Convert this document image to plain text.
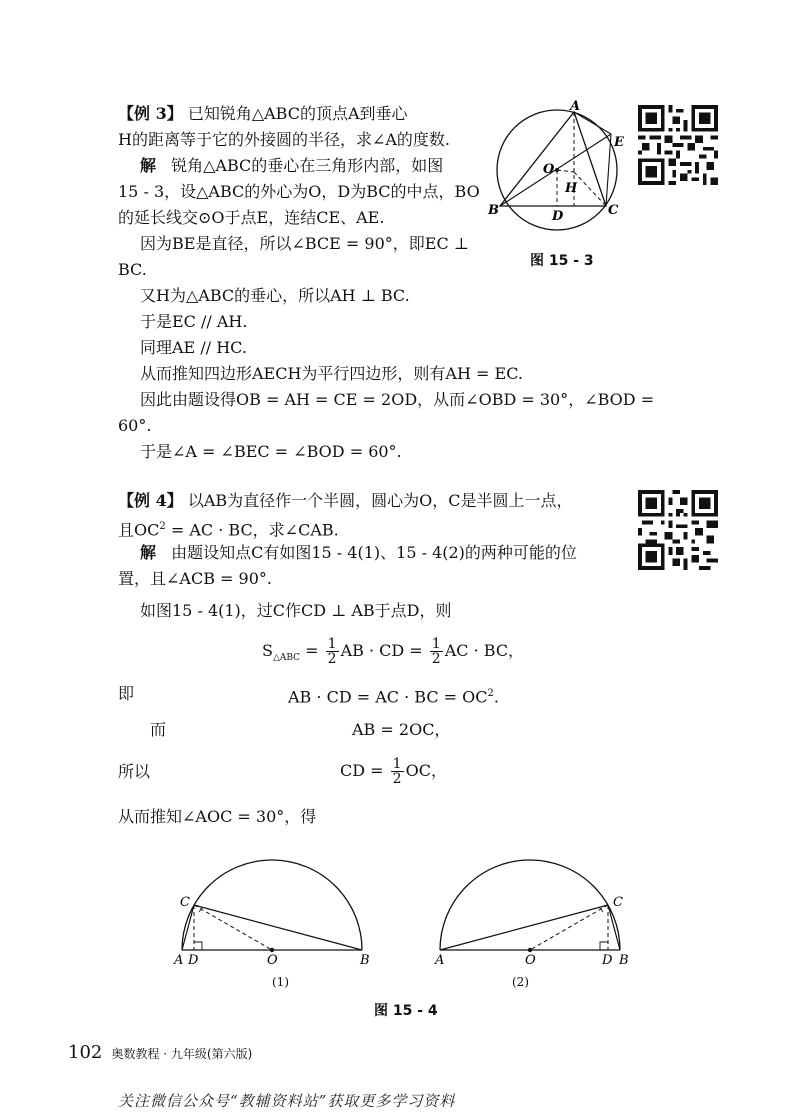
【例 3】 已知锐角△ABC的顶点A到垂心
H的距离等于它的外接圆的半径，求∠A的度数.
解 锐角△ABC的垂心在三角形内部，如图
15 - 3，设△ABC的外心为O，D为BC的中点，BO
的延长线交⊙O于点E，连结CE、AE.
因为BE是直径，所以∠BCE = 90°，即EC ⊥
BC.
又H为△ABC的垂心，所以AH ⊥ BC.
于是EC // AH.
同理AE // HC.
从而推知四边形AECH为平行四边形，则有AH = EC.
因此由题设得OB = AH = CE = 2OD，从而∠OBD = 30°，∠BOD =
60°.
于是∠A = ∠BEC = ∠BOD = 60°.
A
B	C
D
E
O
H
图 15 - 3
【例 4】 以AB为直径作一个半圆，圆心为O，C是半圆上一点，
且$OC^2$ = AC · BC，求∠CAB.
解 由题设知点C有如图15 - 4(1)、15 - 4(2)的两种可能的位
置，且∠ACB = 90°.
如图15 - 4(1)，过C作CD ⊥ AB于点D，则
$S_{\triangle ABC} = \frac{1}{2}$ AB · CD = $\frac{1}{2}$ AC · BC，
即	AB · CD = AC · BC = $OC^2$.
而	AB = 2OC，
所以	CD = $\frac{1}{2}$ OC，
从而推知∠AOC = 30°，得
C
A D	O	B
(1)
C
A	O	D B
(2)
图 15 - 4
102 奥数教程 · 九年级(第六版)
关注微信公众号“教辅资料站”获取更多学习资料
